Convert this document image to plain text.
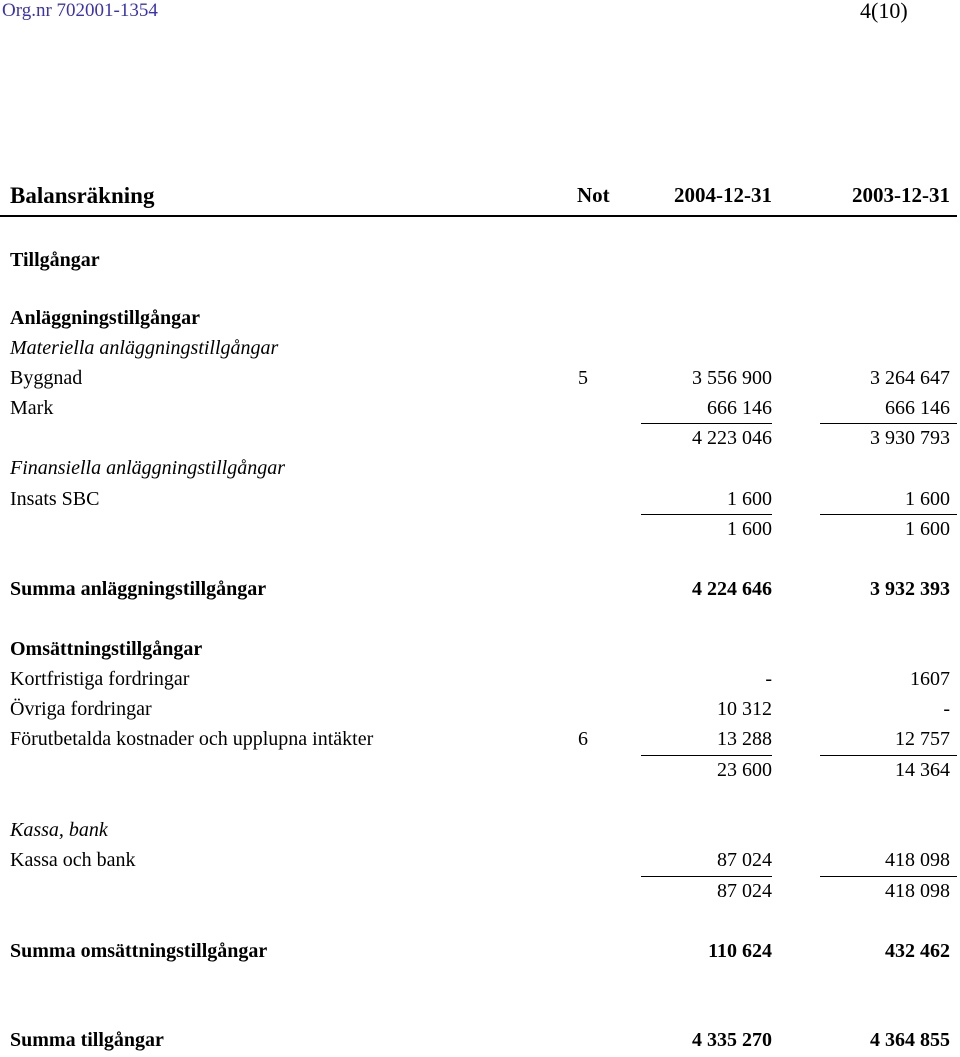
Org.nr 702001-1354	4(10)
Balansräkning	Not	2004-12-31	2003-12-31
Tillgångar
Anläggningstillgångar
Materiella anläggningstillgångar
Byggnad	5	3 556 900	3 264 647
Mark	666 146	666 146
4 223 046	3 930 793
Finansiella anläggningstillgångar
Insats SBC	1 600	1 600
1 600	1 600
Summa anläggningstillgångar	4 224 646	3 932 393
Omsättningstillgångar
Kortfristiga fordringar	-	1607
Övriga fordringar	10 312	-
Förutbetalda kostnader och upplupna intäkter	6	13 288	12 757
23 600	14 364
Kassa, bank
Kassa och bank	87 024	418 098
87 024	418 098
Summa omsättningstillgångar	110 624	432 462
Summa tillgångar	4 335 270	4 364 855
